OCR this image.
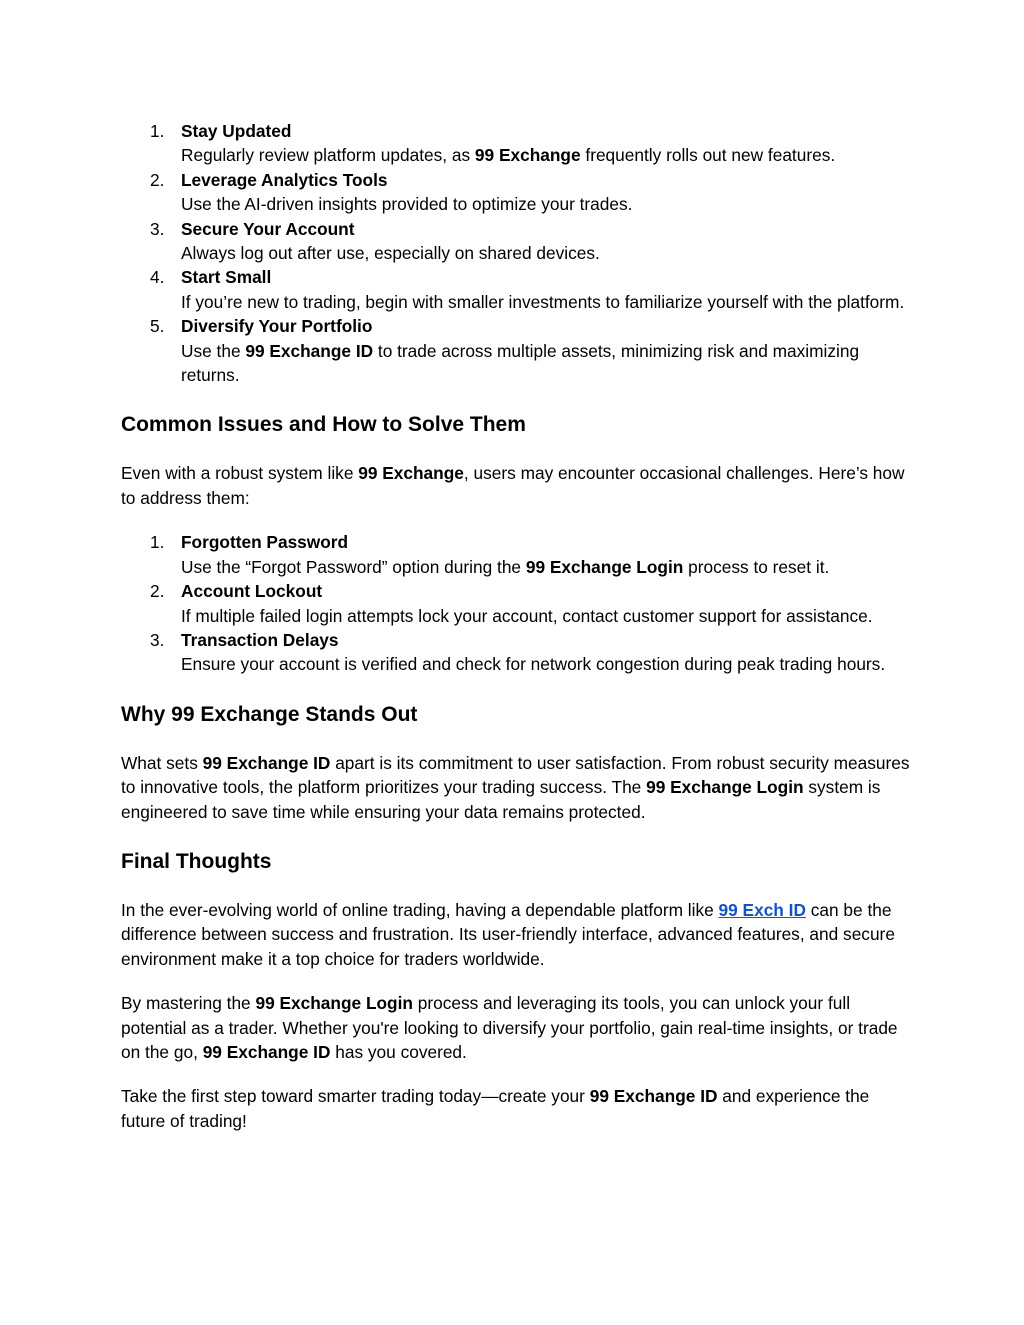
1. Stay Updated
Regularly review platform updates, as 99 Exchange frequently rolls out new features.
2. Leverage Analytics Tools
Use the AI-driven insights provided to optimize your trades.
3. Secure Your Account
Always log out after use, especially on shared devices.
4. Start Small
If you’re new to trading, begin with smaller investments to familiarize yourself with the platform.
5. Diversify Your Portfolio
Use the 99 Exchange ID to trade across multiple assets, minimizing risk and maximizing returns.
Common Issues and How to Solve Them

Even with a robust system like 99 Exchange, users may encounter occasional challenges. Here’s how to address them:

1. Forgotten Password
Use the “Forgot Password” option during the 99 Exchange Login process to reset it.
2. Account Lockout
If multiple failed login attempts lock your account, contact customer support for assistance.
3. Transaction Delays
Ensure your account is verified and check for network congestion during peak trading hours.
Why 99 Exchange Stands Out

What sets 99 Exchange ID apart is its commitment to user satisfaction. From robust security measures to innovative tools, the platform prioritizes your trading success. The 99 Exchange Login system is engineered to save time while ensuring your data remains protected.

Final Thoughts

In the ever-evolving world of online trading, having a dependable platform like 99 Exch ID can be the difference between success and frustration. Its user-friendly interface, advanced features, and secure environment make it a top choice for traders worldwide.

By mastering the 99 Exchange Login process and leveraging its tools, you can unlock your full potential as a trader. Whether you're looking to diversify your portfolio, gain real-time insights, or trade on the go, 99 Exchange ID has you covered.

Take the first step toward smarter trading today—create your 99 Exchange ID and experience the future of trading!
